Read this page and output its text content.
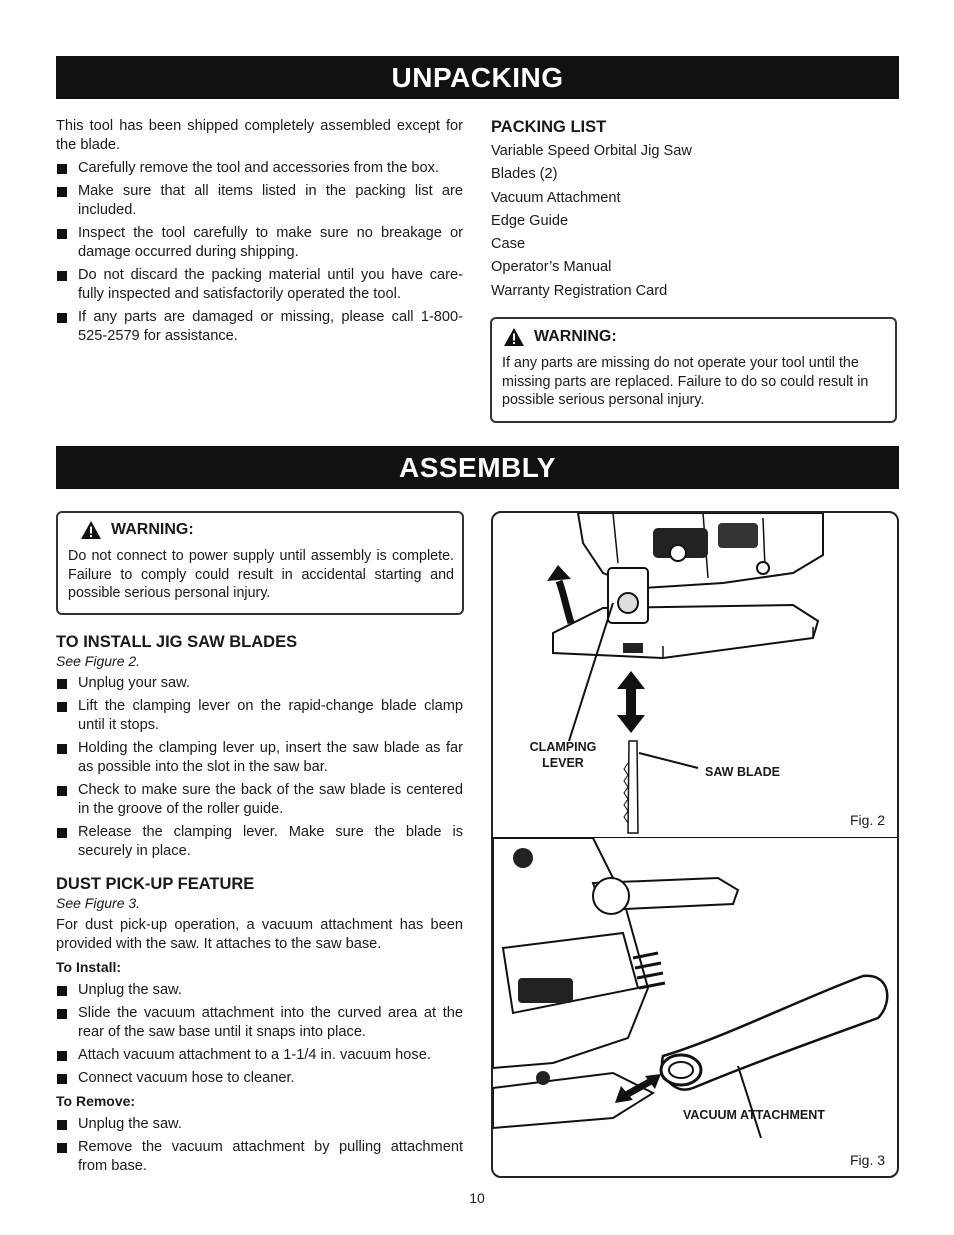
UNPACKING

This tool has been shipped completely assembled except for the blade.

Carefully remove the tool and accessories from the box.
Make sure that all items listed in the packing list are included.
Inspect the tool carefully to make sure no breakage or damage occurred during shipping.
Do not discard the packing material until you have care-fully inspected and satisfactorily operated the tool.
If any parts are damaged or missing, please call 1-800-525-2579 for assistance.
PACKING LIST
Variable Speed Orbital Jig Saw
Blades (2)
Vacuum Attachment
Edge Guide
Case
Operator’s Manual
Warranty Registration Card
WARNING:

If any parts are missing do not operate your tool until the missing parts are replaced. Failure to do so could result in possible serious personal injury.

ASSEMBLY
WARNING:

Do not connect to power supply until assembly is complete. Failure to comply could result in accidental starting and possible serious personal injury.

TO INSTALL JIG SAW BLADES

See Figure 2.

Unplug your saw.
Lift the clamping lever on the rapid-change blade clamp until it stops.
Holding the clamping lever up, insert the saw blade as far as possible into the slot in the saw bar.
Check to make sure the back of the saw blade is centered in the groove of the roller guide.
Release the clamping lever. Make sure the blade is securely in place.
DUST PICK-UP FEATURE

See Figure 3.

For dust pick-up operation, a vacuum attachment has been provided with the saw. It attaches to the saw base.

To Install:

Unplug the saw.
Slide the vacuum attachment into the curved area at the rear of the saw base until it snaps into place.
Attach vacuum attachment to a 1-1/4 in. vacuum hose.
Connect vacuum hose to cleaner.

To Remove:

Unplug the saw.
Remove the vacuum attachment by pulling attachment from base.
CLAMPING
LEVER
SAW BLADE
Fig. 2
VACUUM ATTACHMENT
Fig. 3
10
